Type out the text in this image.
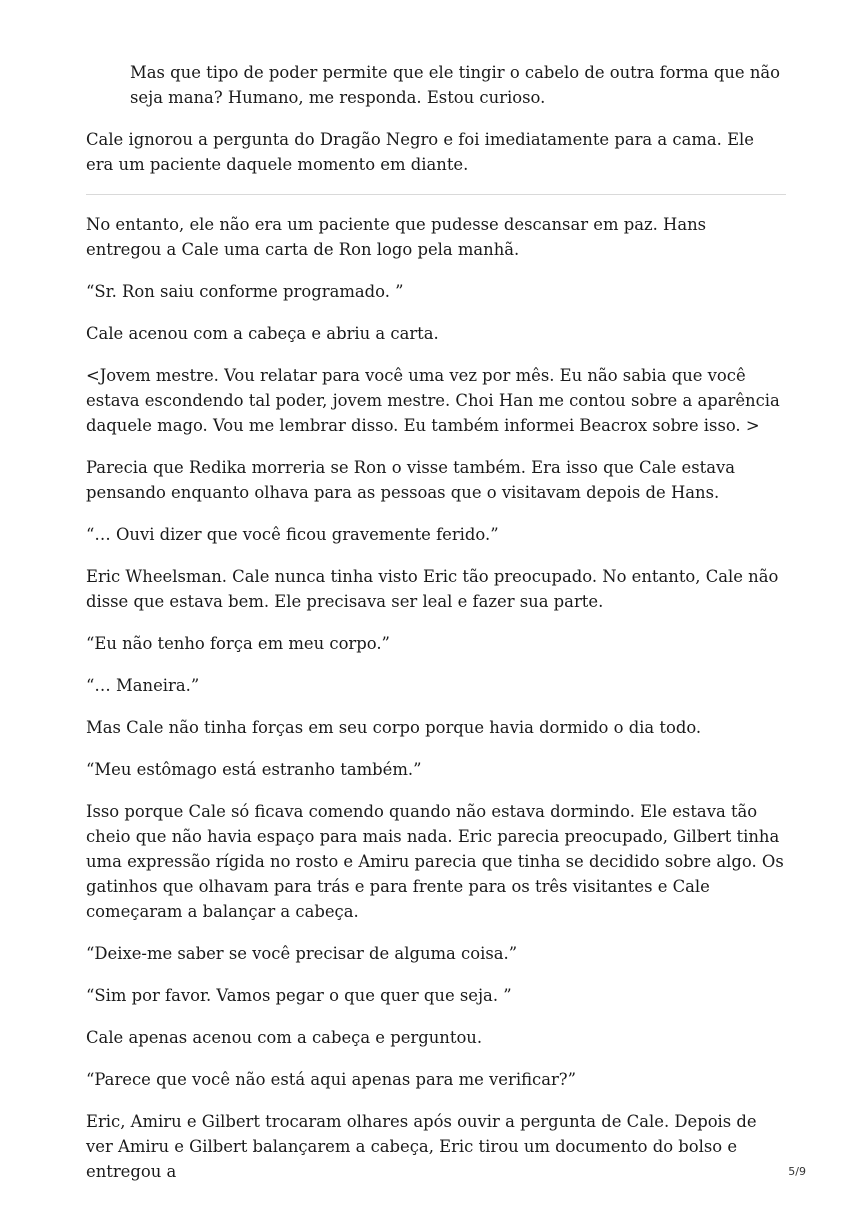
Mas que tipo de poder permite que ele tingir o cabelo de outra forma que não seja mana? Humano, me responda. Estou curioso.

Cale ignorou a pergunta do Dragão Negro e foi imediatamente para a cama. Ele era um paciente daquele momento em diante.

No entanto, ele não era um paciente que pudesse descansar em paz. Hans entregou a Cale uma carta de Ron logo pela manhã.

“Sr. Ron saiu conforme programado. ”

Cale acenou com a cabeça e abriu a carta.

<Jovem mestre. Vou relatar para você uma vez por mês. Eu não sabia que você estava escondendo tal poder, jovem mestre. Choi Han me contou sobre a aparência daquele mago. Vou me lembrar disso. Eu também informei Beacrox sobre isso. >

Parecia que Redika morreria se Ron o visse também. Era isso que Cale estava pensando enquanto olhava para as pessoas que o visitavam depois de Hans.

“… Ouvi dizer que você ficou gravemente ferido.”

Eric Wheelsman. Cale nunca tinha visto Eric tão preocupado. No entanto, Cale não disse que estava bem. Ele precisava ser leal e fazer sua parte.

“Eu não tenho força em meu corpo.”

“… Maneira.”

Mas Cale não tinha forças em seu corpo porque havia dormido o dia todo.

“Meu estômago está estranho também.”

Isso porque Cale só ficava comendo quando não estava dormindo. Ele estava tão cheio que não havia espaço para mais nada. Eric parecia preocupado, Gilbert tinha uma expressão rígida no rosto e Amiru parecia que tinha se decidido sobre algo. Os gatinhos que olhavam para trás e para frente para os três visitantes e Cale começaram a balançar a cabeça.

“Deixe-me saber se você precisar de alguma coisa.”

“Sim por favor. Vamos pegar o que quer que seja. ”

Cale apenas acenou com a cabeça e perguntou.

“Parece que você não está aqui apenas para me verificar?”

Eric, Amiru e Gilbert trocaram olhares após ouvir a pergunta de Cale. Depois de ver Amiru e Gilbert balançarem a cabeça, Eric tirou um documento do bolso e entregou a	5/9
